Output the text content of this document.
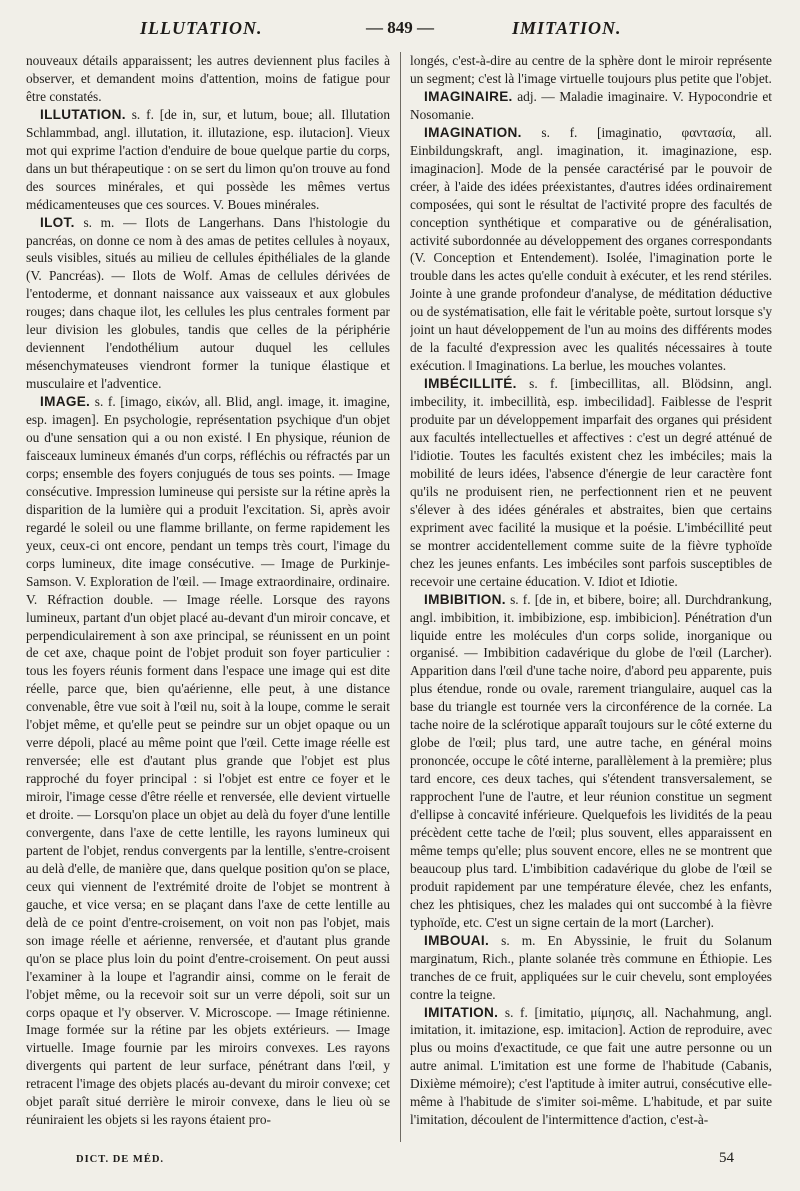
ILLUTATION.	— 849 —	IMITATION.

nouveaux détails apparaissent; les autres deviennent plus faciles à observer, et demandent moins d'attention, moins de fatigue pour être constatés.

ILLUTATION. s. f. [de in, sur, et lutum, boue; all. Illutation Schlammbad, angl. illutation, it. illutazione, esp. ilutacion]. Vieux mot qui exprime l'action d'enduire de boue quelque partie du corps, dans un but thérapeutique : on se sert du limon qu'on trouve au fond des sources minérales, et qui possède les mêmes vertus médicamenteuses que ces sources. V. Boues minérales.

ILOT. s. m. — Ilots de Langerhans. Dans l'histologie du pancréas, on donne ce nom à des amas de petites cellules à noyaux, seuls visibles, situés au milieu de cellules épithéliales de la glande (V. Pancréas). — Ilots de Wolf. Amas de cellules dérivées de l'entoderme, et donnant naissance aux vaisseaux et aux globules rouges; dans chaque ilot, les cellules les plus centrales forment par leur division les globules, tandis que celles de la périphérie deviennent l'endothélium autour duquel les cellules mésenchymateuses viendront former la tunique élastique et musculaire et l'adventice.

IMAGE. s. f. [imago, εἰκών, all. Blid, angl. image, it. imagine, esp. imagen]. En psychologie, représentation psychique d'un objet ou d'une sensation qui a ou non existé. ‖ En physique, réunion de faisceaux lumineux émanés d'un corps, réfléchis ou réfractés par un corps; ensemble des foyers conjugués de tous ses points. — Image consécutive. Impression lumineuse qui persiste sur la rétine après la disparition de la lumière qui a produit l'excitation. Si, après avoir regardé le soleil ou une flamme brillante, on ferme rapidement les yeux, ceux-ci ont encore, pendant un temps très court, l'image du corps lumineux, dite image consécutive. — Image de Purkinje-Samson. V. Exploration de l'œil. — Image extraordinaire, ordinaire. V. Réfraction double. — Image réelle. Lorsque des rayons lumineux, partant d'un objet placé au-devant d'un miroir concave, et perpendiculairement à son axe principal, se réunissent en un point de cet axe, chaque point de l'objet produit son foyer particulier : tous les foyers réunis forment dans l'espace une image qui est dite réelle, parce que, bien qu'aérienne, elle peut, à une distance convenable, être vue soit à l'œil nu, soit à la loupe, comme le serait l'objet même, et qu'elle peut se peindre sur un objet opaque ou un verre dépoli, placé au même point que l'œil. Cette image réelle est renversée; elle est d'autant plus grande que l'objet est plus rapproché du foyer principal : si l'objet est entre ce foyer et le miroir, l'image cesse d'être réelle et renversée, elle devient virtuelle et droite. — Lorsqu'on place un objet au delà du foyer d'une lentille convergente, dans l'axe de cette lentille, les rayons lumineux qui partent de l'objet, rendus convergents par la lentille, s'entre-croisent au delà d'elle, de manière que, dans quelque position qu'on se place, ceux qui viennent de l'extrémité droite de l'objet se montrent à gauche, et vice versa; en se plaçant dans l'axe de cette lentille au delà de ce point d'entre-croisement, on voit non pas l'objet, mais son image réelle et aérienne, renversée, et d'autant plus grande qu'on se place plus loin du point d'entre-croisement. On peut aussi l'examiner à la loupe et l'agrandir ainsi, comme on le ferait de l'objet même, ou la recevoir soit sur un verre dépoli, soit sur un corps opaque et l'y observer. V. Microscope. — Image rétinienne. Image formée sur la rétine par les objets extérieurs. — Image virtuelle. Image fournie par les miroirs convexes. Les rayons divergents qui partent de leur surface, pénétrant dans l'œil, y retracent l'image des objets placés au-devant du miroir convexe; cet objet paraît situé derrière le miroir convexe, dans le lieu où se réuniraient les objets si les rayons étaient pro-

longés, c'est-à-dire au centre de la sphère dont le miroir représente un segment; c'est là l'image virtuelle toujours plus petite que l'objet.

IMAGINAIRE. adj. — Maladie imaginaire. V. Hypocondrie et Nosomanie.

IMAGINATION. s. f. [imaginatio, φαντασία, all. Einbildungskraft, angl. imagination, it. imaginazione, esp. imaginacion]. Mode de la pensée caractérisé par le pouvoir de créer, à l'aide des idées préexistantes, d'autres idées ordinairement composées, qui sont le résultat de l'activité propre des facultés de conception synthétique et comparative ou de généralisation, activité subordonnée au développement des organes correspondants (V. Conception et Entendement). Isolée, l'imagination porte le trouble dans les actes qu'elle conduit à exécuter, et les rend stériles. Jointe à une grande profondeur d'analyse, de méditation déductive ou de systématisation, elle fait le véritable poète, surtout lorsque s'y joint un haut développement de l'un au moins des différents modes de la faculté d'expression avec les qualités nécessaires à toute exécution. ‖ Imaginations. La berlue, les mouches volantes.

IMBÉCILLITÉ. s. f. [imbecillitas, all. Blödsinn, angl. imbecility, it. imbecillità, esp. imbecilidad]. Faiblesse de l'esprit produite par un développement imparfait des organes qui président aux facultés intellectuelles et affectives : c'est un degré atténué de l'idiotie. Toutes les facultés existent chez les imbéciles; mais la mobilité de leurs idées, l'absence d'énergie de leur caractère font qu'ils ne produisent rien, ne perfectionnent rien et ne peuvent s'élever à des idées générales et abstraites, bien que certains expriment avec facilité la musique et la poésie. L'imbécillité peut se montrer accidentellement comme suite de la fièvre typhoïde chez les jeunes enfants. Les imbéciles sont parfois susceptibles de recevoir une certaine éducation. V. Idiot et Idiotie.

IMBIBITION. s. f. [de in, et bibere, boire; all. Durchdrankung, angl. imbibition, it. imbibizione, esp. imbibicion]. Pénétration d'un liquide entre les molécules d'un corps solide, inorganique ou organisé. — Imbibition cadavérique du globe de l'œil (Larcher). Apparition dans l'œil d'une tache noire, d'abord peu apparente, puis plus étendue, ronde ou ovale, rarement triangulaire, auquel cas la base du triangle est tournée vers la circonférence de la cornée. La tache noire de la sclérotique apparaît toujours sur le côté externe du globe de l'œil; plus tard, une autre tache, en général moins prononcée, occupe le côté interne, parallèlement à la première; plus tard encore, ces deux taches, qui s'étendent transversalement, se rapprochent l'une de l'autre, et leur réunion constitue un segment d'ellipse à concavité inférieure. Quelquefois les lividités de la peau précèdent cette tache de l'œil; plus souvent, elles apparaissent en même temps qu'elle; plus souvent encore, elles ne se montrent que beaucoup plus tard. L'imbibition cadavérique du globe de l'œil se produit rapidement par une température élevée, chez les enfants, chez les phtisiques, chez les malades qui ont succombé à la fièvre typhoïde, etc. C'est un signe certain de la mort (Larcher).

IMBOUAI. s. m. En Abyssinie, le fruit du Solanum marginatum, Rich., plante solanée très commune en Éthiopie. Les tranches de ce fruit, appliquées sur le cuir chevelu, sont employées contre la teigne.

IMITATION. s. f. [imitatio, μίμησις, all. Nachahmung, angl. imitation, it. imitazione, esp. imitacion]. Action de reproduire, avec plus ou moins d'exactitude, ce que fait une autre personne ou un autre animal. L'imitation est une forme de l'habitude (Cabanis, Dixième mémoire); c'est l'aptitude à imiter autrui, consécutive elle-même à l'habitude de s'imiter soi-même. L'habitude, et par suite l'imitation, découlent de l'intermittence d'action, c'est-à-

DICT. DE MÉD.	54
